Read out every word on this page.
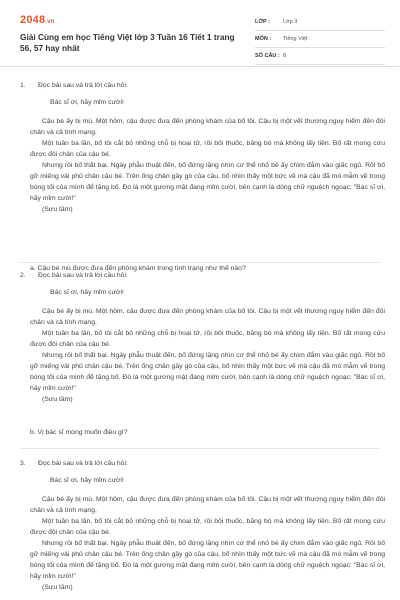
2048.vn
Giải Cùng em học Tiếng Việt lớp 3 Tuần 16 Tiết 1 trang 56, 57 hay nhất
LỚP : Lớp 3
MÔN : Tiếng Việt
SỐ CÂU : 8
1. Đọc bài sau và trả lời câu hỏi:
Bác sĩ ơi, hãy mỉm cười!

Cậu bé ấy bị mù. Một hôm, cậu được đưa đến phòng khám của bố tôi. Cậu bị một vết thương nguy hiểm đến đôi chân và cả tính mạng.

Một tuần ba lần, bố tôi cắt bỏ những chỗ bị hoại tử, rồi bôi thuốc, băng bó mà không lấy tiền. Bố rất mong cứu được đôi chân của cậu bé.

Nhưng rồi bố thất bại. Ngày phẫu thuật đến, bố đứng lặng nhìn cơ thể nhỏ bé ấy chìm đắm vào giấc ngủ. Rồi bố gỡ miếng vải phủ chân cậu bé. Trên ống chân gầy gò của cậu, bố nhìn thấy một bức vẽ mà cậu đã mò mẫm vẽ trong bóng tối của mình để tặng bố. Đó là một gương mặt đang mỉm cười, bên cạnh là dòng chữ nguệch ngoạc: "Bác sĩ ơi, hãy mỉm cười!"

(Sưu tầm)

a. Cậu bé mù được đưa đến phòng khám trong tình trạng như thế nào?
2. Đọc bài sau và trả lời câu hỏi:
Bác sĩ ơi, hãy mỉm cười!

Cậu bé ấy bị mù. Một hôm, cậu được đưa đến phòng khám của bố tôi. Cậu bị một vết thương nguy hiểm đến đôi chân và cả tính mạng.

Một tuần ba lần, bố tôi cắt bỏ những chỗ bị hoại tử, rồi bôi thuốc, băng bó mà không lấy tiền. Bố rất mong cứu được đôi chân của cậu bé.

Nhưng rồi bố thất bại. Ngày phẫu thuật đến, bố đứng lặng nhìn cơ thể nhỏ bé ấy chìm đắm vào giấc ngủ. Rồi bố gỡ miếng vải phủ chân cậu bé. Trên ống chân gầy gò của cậu, bố nhìn thấy một bức vẽ mà cậu đã mò mẫm vẽ trong bóng tối của mình để tặng bố. Đó là một gương mặt đang mỉm cười, bên cạnh là dòng chữ nguệch ngoạc: "Bác sĩ ơi, hãy mỉm cười!"

(Sưu tầm)

b. Vị bác sĩ mong muốn điều gì?
3. Đọc bài sau và trả lời câu hỏi:
Bác sĩ ơi, hãy mỉm cười!

Cậu bé ấy bị mù. Một hôm, cậu được đưa đến phòng khám của bố tôi. Cậu bị một vết thương nguy hiểm đến đôi chân và cả tính mạng.

Một tuần ba lần, bố tôi cắt bỏ những chỗ bị hoại tử, rồi bôi thuốc, băng bó mà không lấy tiền. Bố rất mong cứu được đôi chân của cậu bé.

Nhưng rồi bố thất bại. Ngày phẫu thuật đến, bố đứng lặng nhìn cơ thể nhỏ bé ấy chìm đắm vào giấc ngủ. Rồi bố gỡ miếng vải phủ chân cậu bé. Trên ống chân gầy gò của cậu, bố nhìn thấy một bức vẽ mà cậu đã mò mẫm vẽ trong bóng tối của mình để tặng bố. Đó là một gương mặt đang mỉm cười, bên cạnh là dòng chữ nguệch ngoạc: "Bác sĩ ơi, hãy mỉm cười!"

(Sưu tầm)
